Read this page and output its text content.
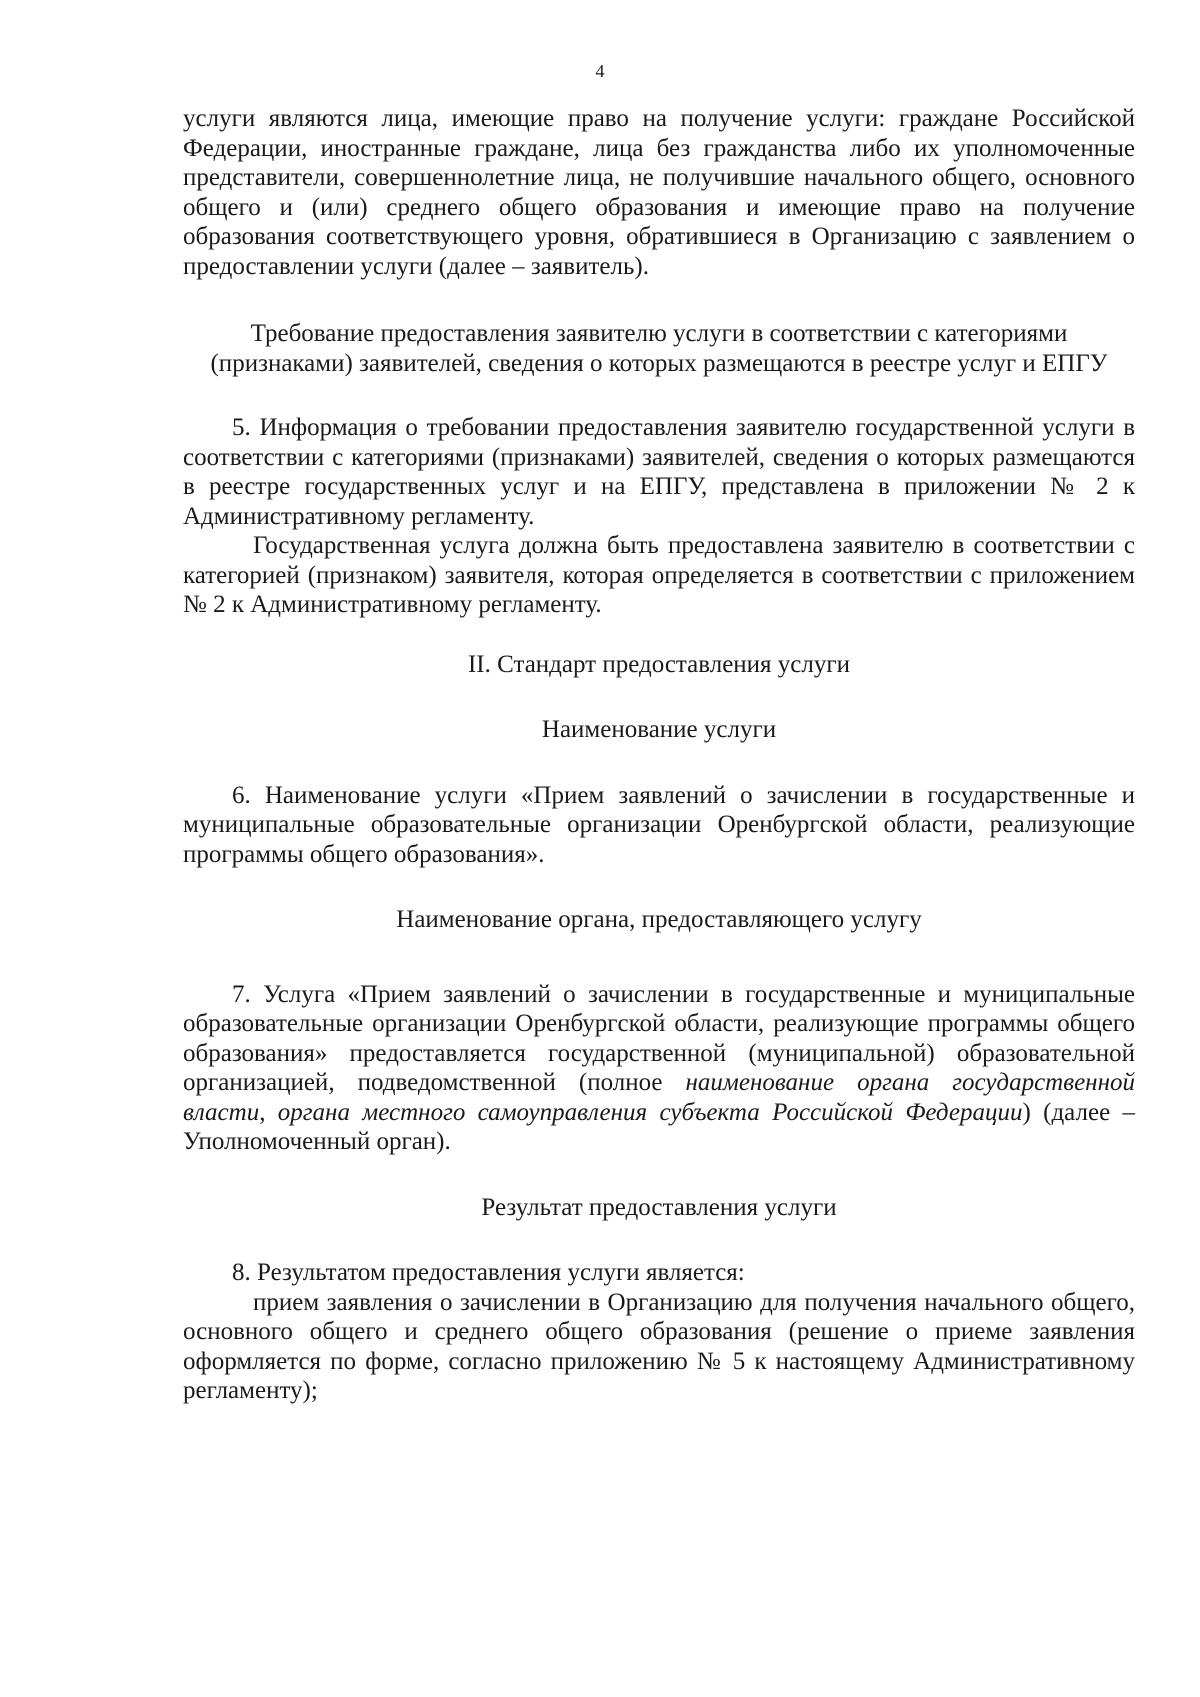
4

услуги являются лица, имеющие право на получение услуги: граждане Российской Федерации, иностранные граждане, лица без гражданства либо их уполномоченные представители, совершеннолетние лица, не получившие начального общего, основного общего и (или) среднего общего образования и имеющие право на получение образования соответствующего уровня, обратившиеся в Организацию с заявлением о предоставлении услуги (далее – заявитель).

Требование предоставления заявителю услуги в соответствии с категориями (признаками) заявителей, сведения о которых размещаются в реестре услуг и ЕПГУ

5. Информация о требовании предоставления заявителю государственной услуги в соответствии с категориями (признаками) заявителей, сведения о которых размещаются в реестре государственных услуг и на ЕПГУ, представлена в приложении № 2 к Административному регламенту.

Государственная услуга должна быть предоставлена заявителю в соответствии с категорией (признаком) заявителя, которая определяется в соответствии с приложением № 2 к Административному регламенту.

II. Стандарт предоставления услуги

Наименование услуги

6. Наименование услуги «Прием заявлений о зачислении в государственные и муниципальные образовательные организации Оренбургской области, реализующие программы общего образования».

Наименование органа, предоставляющего услугу

7. Услуга «Прием заявлений о зачислении в государственные и муниципальные образовательные организации Оренбургской области, реализующие программы общего образования» предоставляется государственной (муниципальной) образовательной организацией, подведомственной (полное наименование органа государственной власти, органа местного самоуправления субъекта Российской Федерации) (далее – Уполномоченный орган).

Результат предоставления услуги

8. Результатом предоставления услуги является:

прием заявления о зачислении в Организацию для получения начального общего, основного общего и среднего общего образования (решение о приеме заявления оформляется по форме, согласно приложению № 5 к настоящему Административному регламенту);
